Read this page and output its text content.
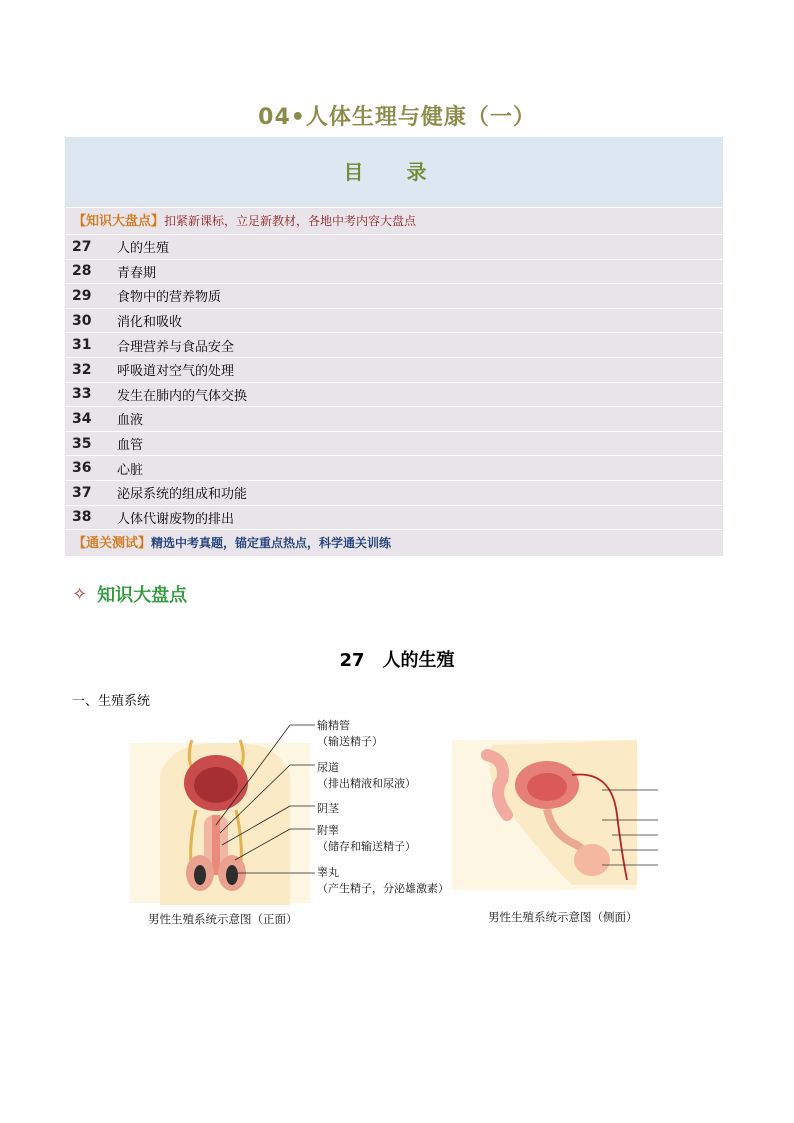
04•人体生理与健康（一）
目 录
【知识大盘点】扣紧新课标，立足新教材，各地中考内容大盘点
27	人的生殖
28	青春期
29	食物中的营养物质
30	消化和吸收
31	合理营养与食品安全
32	呼吸道对空气的处理
33	发生在肺内的气体交换
34	血液
35	血管
36	心脏
37	泌尿系统的组成和功能
38	人体代谢废物的排出
【通关测试】精选中考真题，锚定重点热点，科学通关训练
✧ 知识大盘点
27 人的生殖
一、生殖系统
输精管
（输送精子）
尿道
（排出精液和尿液）
阴茎
附睾
（储存和输送精子）
睾丸
（产生精子，分泌雄激素）
男性生殖系统示意图（正面）	男性生殖系统示意图（侧面）
